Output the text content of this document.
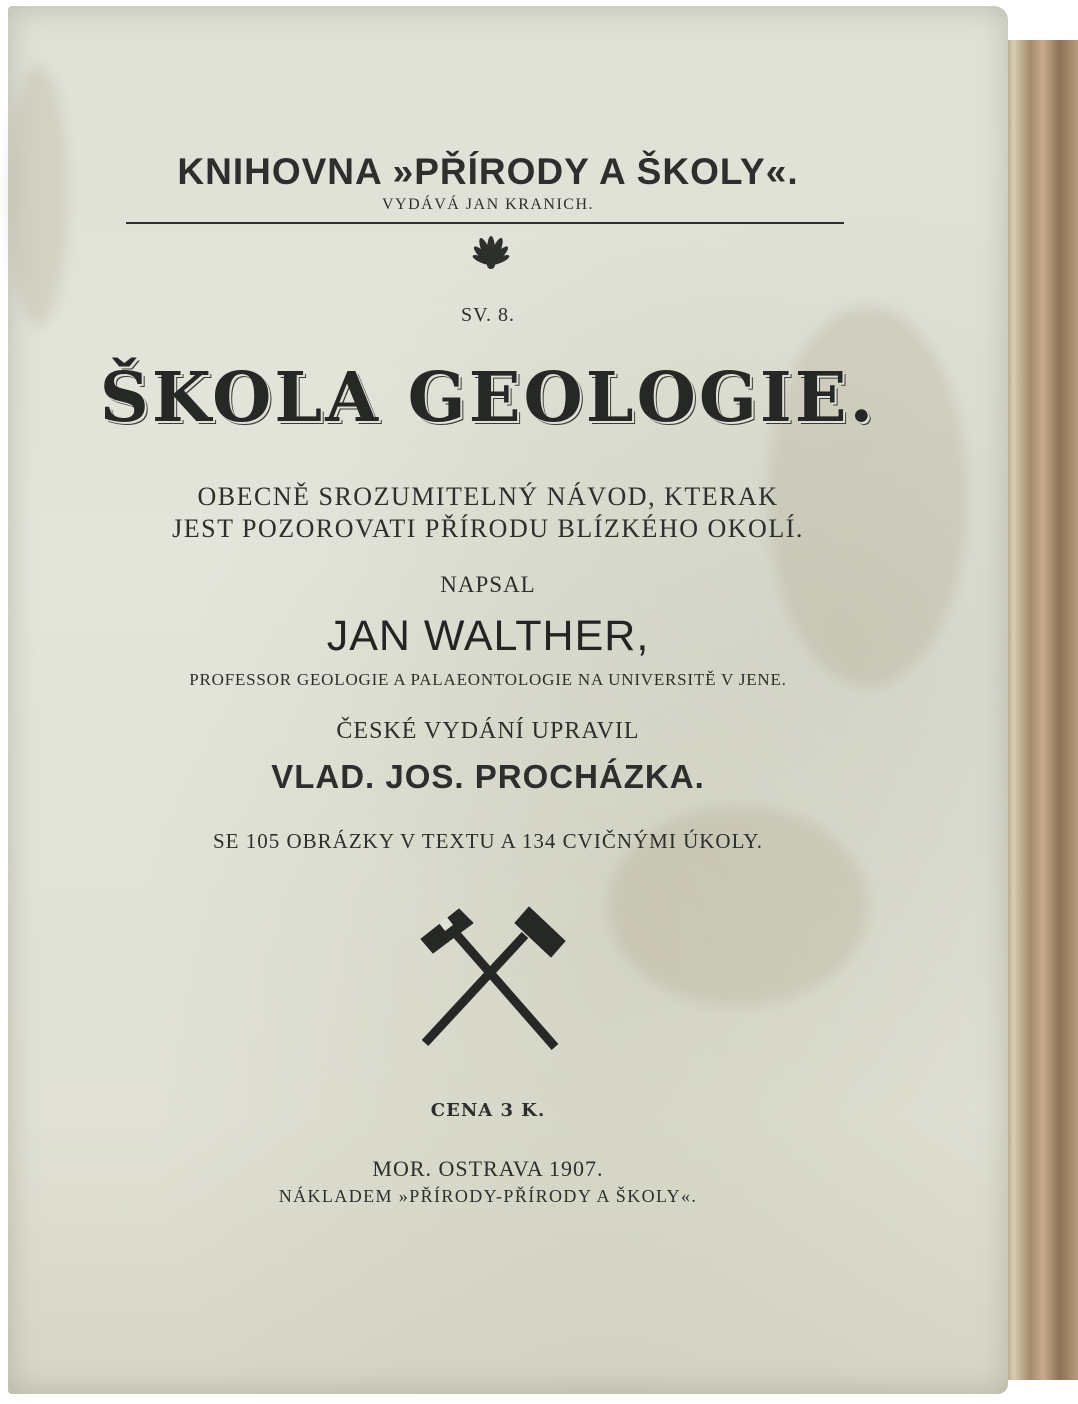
KNIHOVNA »PŘÍRODY A ŠKOLY«.
VYDÁVÁ JAN KRANICH.
SV. 8.
ŠKOLA GEOLOGIE.
OBECNĚ SROZUMITELNÝ NÁVOD, KTERAK
JEST POZOROVATI PŘÍRODU BLÍZKÉHO OKOLÍ.
NAPSAL
JAN WALTHER,
PROFESSOR GEOLOGIE A PALAEONTOLOGIE NA UNIVERSITĚ V JENE.
ČESKÉ VYDÁNÍ UPRAVIL
VLAD. JOS. PROCHÁZKA.
SE 105 OBRÁZKY V TEXTU A 134 CVIČNÝMI ÚKOLY.
CENA 3 K.
MOR. OSTRAVA 1907.
NÁKLADEM »PŘÍRODY-PŘÍRODY A ŠKOLY«.
